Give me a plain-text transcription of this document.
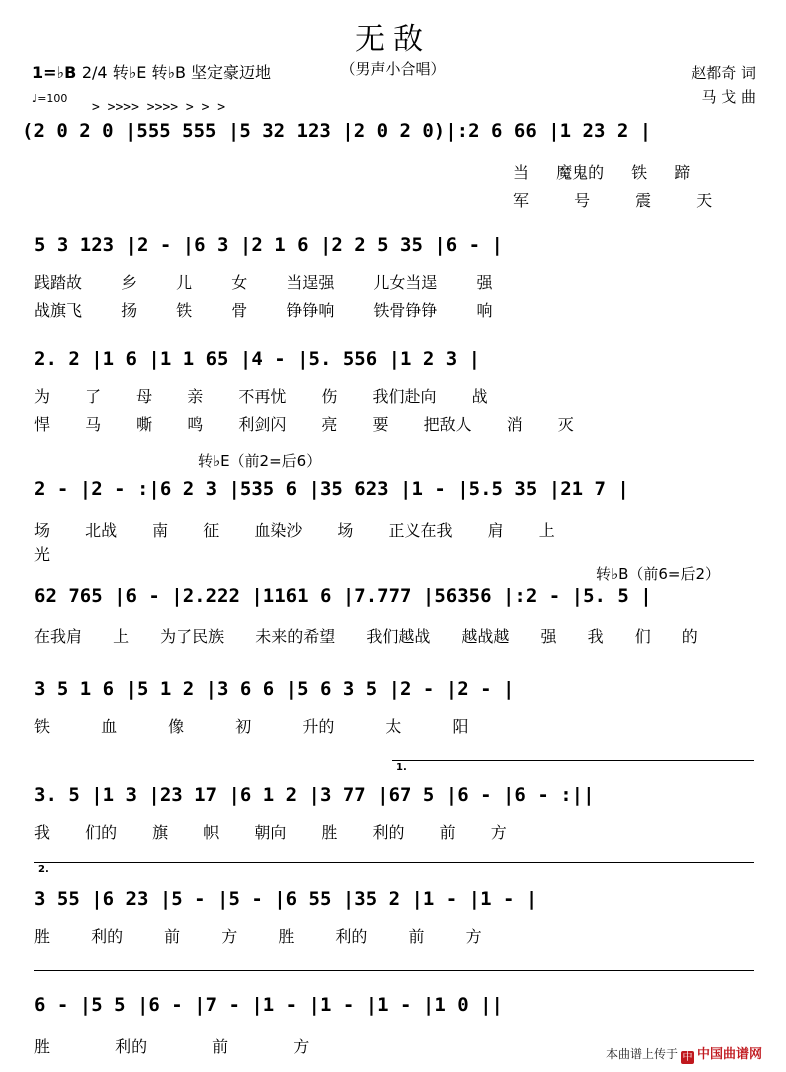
无敌
（男声小合唱）
1=♭B 2/4 转♭E 转♭B 坚定豪迈地
♩=100
赵都奇 词
马 戈 曲
> >>>> >>>> > > >
(2 0 2 0 |555 555 |5 32 123 |2 0 2 0)|:2 6 66 |1 23 2 |
当 魔鬼的 铁 蹄
军 号 震 天
5 3 123 |2 - |6 3 |2 1 6 |2 2 5 35 |6 - |
践踏故 乡 儿 女 当逞强 儿女当逞 强
战旗飞 扬 铁 骨 铮铮响 铁骨铮铮 响
2. 2 |1 6 |1 1 65 |4 - |5. 556 |1 2 3 |
为 了 母 亲 不再忧 伤 我们赴向 战
悍 马 嘶 鸣 利剑闪 亮 要 把敌人 消 灭
转♭E（前2=后6）
2 - |2 - :|6 2 3 |535 6 |35 623 |1 - |5.5 35 |21 7 |
场 北战 南 征 血染沙 场 正义在我 肩 上
光
转♭B（前6=后2）
62 765 |6 - |2.222 |1161 6 |7.777 |56356 |:2 - |5. 5 |
在我肩 上 为了民族 未来的希望 我们越战 越战越 强 我 们 的
3 5 1 6 |5 1 2 |3 6 6 |5 6 3 5 |2 - |2 - |
铁 血 像 初 升的 太 阳
1.
3. 5 |1 3 |23 17 |6 1 2 |3 77 |67 5 |6 - |6 - :||
我 们的 旗 帜 朝向 胜 利的 前 方
2.
3 55 |6 23 |5 - |5 - |6 55 |35 2 |1 - |1 - |
胜 利的 前 方 胜 利的 前 方
6 - |5 5 |6 - |7 - |1 - |1 - |1 - |1 0 ||
胜 利的 前 方	本曲谱上传于 中 中国曲谱网
